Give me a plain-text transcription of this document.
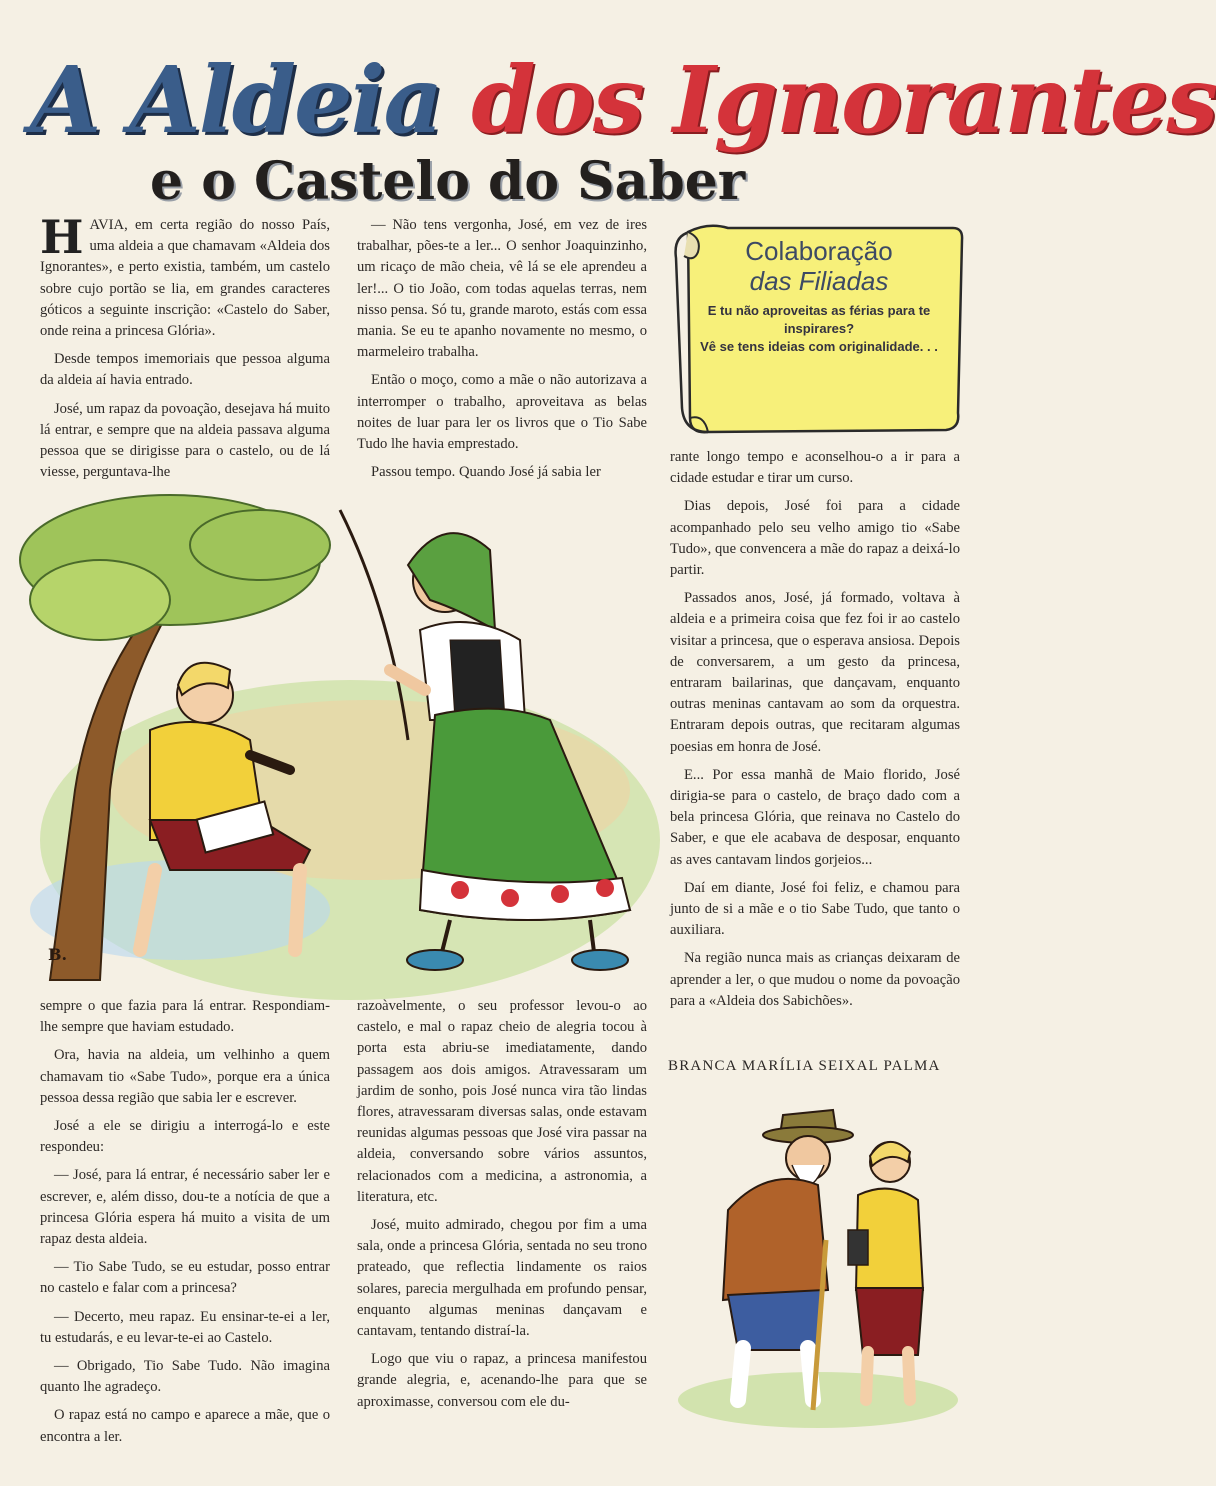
A Aldeia dos Ignorantes
e o Castelo do Saber

HAVIA, em certa região do nosso País, uma aldeia a que chamavam «Aldeia dos Ignorantes», e perto existia, também, um castelo sobre cujo portão se lia, em grandes caracteres góticos a seguinte inscrição: «Castelo do Saber, onde reina a princesa Glória».

Desde tempos imemoriais que pessoa alguma da aldeia aí havia entrado.

José, um rapaz da povoação, desejava há muito lá entrar, e sempre que na aldeia passava alguma pessoa que se dirigisse para o castelo, ou de lá viesse, perguntava-lhe

— Não tens vergonha, José, em vez de ires trabalhar, pões-te a ler... O senhor Joaquinzinho, um ricaço de mão cheia, vê lá se ele aprendeu a ler!... O tio João, com todas aquelas terras, nem nisso pensa. Só tu, grande maroto, estás com essa mania. Se eu te apanho novamente no mesmo, o marmeleiro trabalha.

Então o moço, como a mãe o não autorizava a interromper o trabalho, aproveitava as belas noites de luar para ler os livros que o Tio Sabe Tudo lhe havia emprestado.

Passou tempo. Quando José já sabia ler

Colaboração
das Filiadas
E tu não aproveitas as férias para te inspirares?
Vê se tens ideias com originalidade. . .

rante longo tempo e aconselhou-o a ir para a cidade estudar e tirar um curso.

Dias depois, José foi para a cidade acompanhado pelo seu velho amigo tio «Sabe Tudo», que convencera a mãe do rapaz a deixá-lo partir.

Passados anos, José, já formado, voltava à aldeia e a primeira coisa que fez foi ir ao castelo visitar a princesa, que o esperava ansiosa. Depois de conversarem, a um gesto da princesa, entraram bailarinas, que dançavam, enquanto outras meninas cantavam ao som da orquestra. Entraram depois outras, que recitaram algumas poesias em honra de José.

E... Por essa manhã de Maio florido, José dirigia-se para o castelo, de braço dado com a bela princesa Glória, que reinava no Castelo do Saber, e que ele acabava de desposar, enquanto as aves cantavam lindos gorjeios...

Daí em diante, José foi feliz, e chamou para junto de si a mãe e o tio Sabe Tudo, que tanto o auxiliara.

Na região nunca mais as crianças deixaram de aprender a ler, o que mudou o nome da povoação para a «Aldeia dos Sabichões».

BRANCA MARÍLIA SEIXAL PALMA
B.

sempre o que fazia para lá entrar. Respondiam-lhe sempre que haviam estudado.

Ora, havia na aldeia, um velhinho a quem chamavam tio «Sabe Tudo», porque era a única pessoa dessa região que sabia ler e escrever.

José a ele se dirigiu a interrogá-lo e este respondeu:

— José, para lá entrar, é necessário saber ler e escrever, e, além disso, dou-te a notícia de que a princesa Glória espera há muito a visita de um rapaz desta aldeia.

— Tio Sabe Tudo, se eu estudar, posso entrar no castelo e falar com a princesa?

— Decerto, meu rapaz. Eu ensinar-te-ei a ler, tu estudarás, e eu levar-te-ei ao Castelo.

— Obrigado, Tio Sabe Tudo. Não imagina quanto lhe agradeço.

O rapaz está no campo e aparece a mãe, que o encontra a ler.

razoàvelmente, o seu professor levou-o ao castelo, e mal o rapaz cheio de alegria tocou à porta esta abriu-se imediatamente, dando passagem aos dois amigos. Atravessaram um jardim de sonho, pois José nunca vira tão lindas flores, atravessaram diversas salas, onde estavam reunidas algumas pessoas que José vira passar na aldeia, conversando sobre vários assuntos, relacionados com a medicina, a astronomia, a literatura, etc.

José, muito admirado, chegou por fim a uma sala, onde a princesa Glória, sentada no seu trono prateado, que reflectia lindamente os raios solares, parecia mergulhada em profundo pensar, enquanto algumas meninas dançavam e cantavam, tentando distraí-la.

Logo que viu o rapaz, a princesa manifestou grande alegria, e, acenando-lhe para que se aproximasse, conversou com ele du-
